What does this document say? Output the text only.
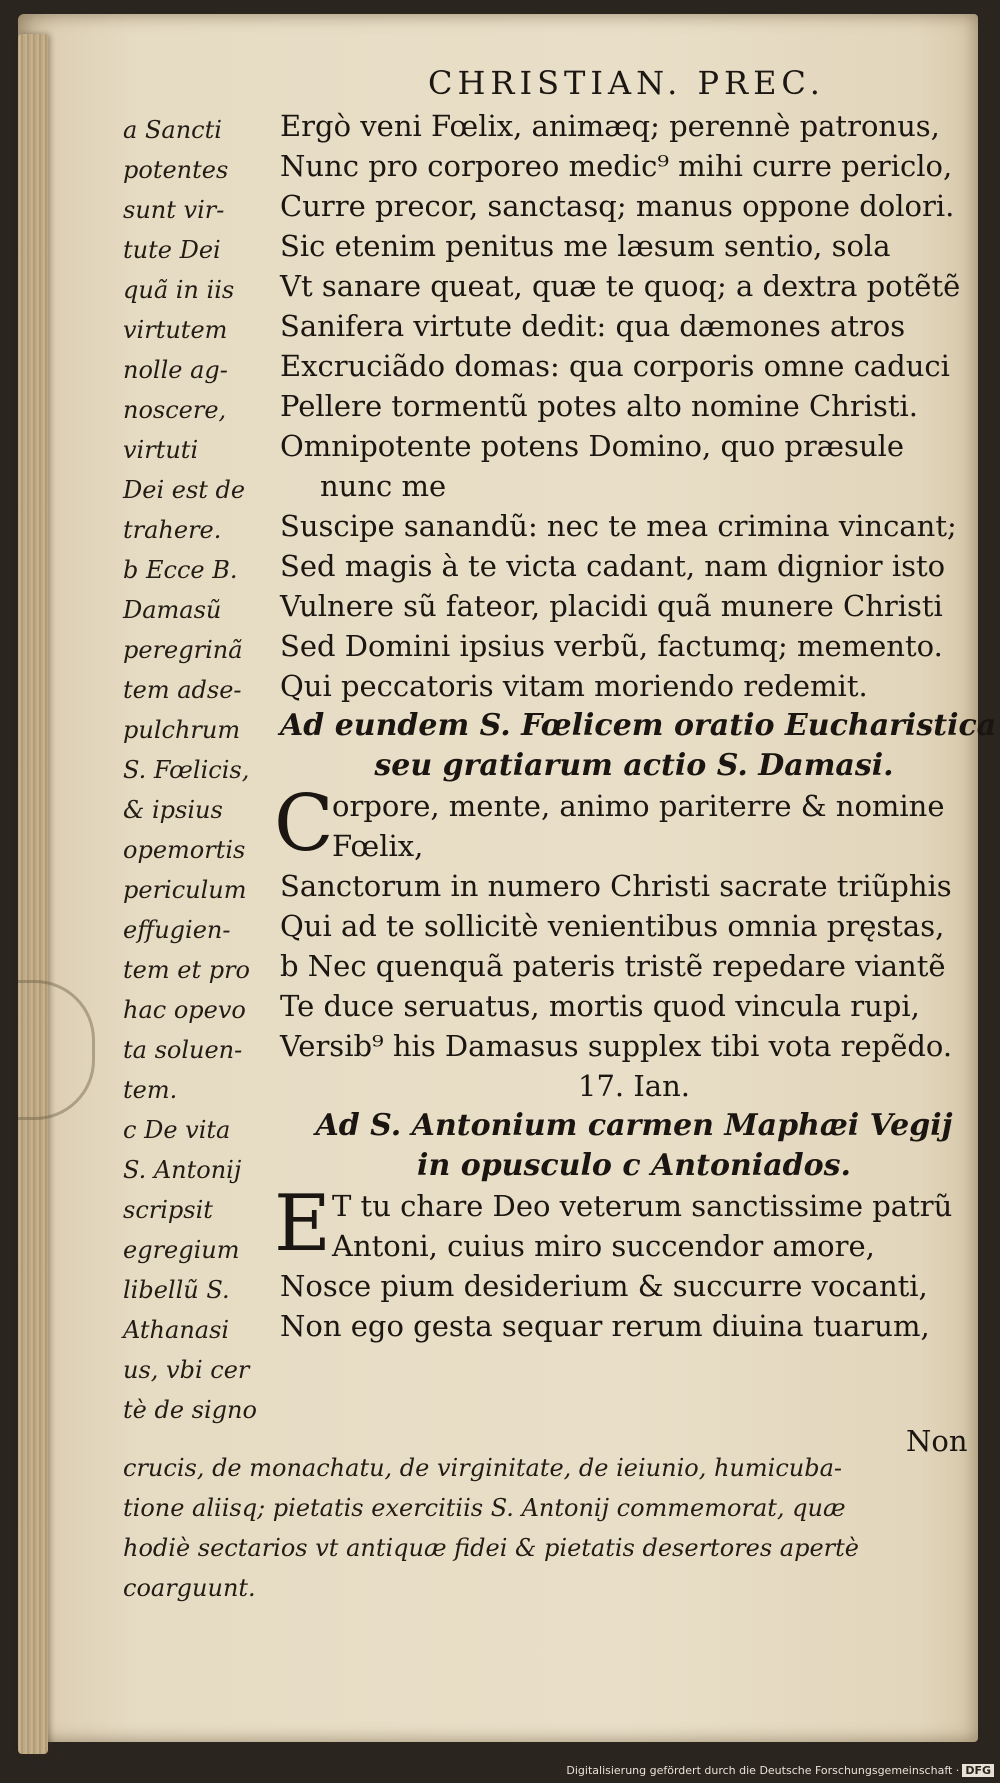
CHRISTIAN. PREC.
a Sancti
potentes
sunt vir-
tute Dei
quã in iis
virtutem
nolle ag-
noscere,
virtuti
Dei est de
trahere.
b Ecce B.
Damasũ
peregrinã
tem adse-
pulchrum
S. Fœlicis,
& ipsius
opemortis
periculum
effugien-
tem et pro
hac opevo
ta soluen-
tem.
c De vita
S. Antonij
scripsit
egregium
libellũ S.
Athanasi
us, vbi cer
tè de signo
Ergò veni Fœlix, animæq; perennè patronus,
Nunc pro corporeo medic⁹ mihi curre periclo,
Curre precor, sanctasq; manus oppone dolori.
Sic etenim penitus me læsum sentio, sola
Vt sanare queat, quæ te quoq; a dextra potẽtẽ
Sanifera virtute dedit: qua dæmones atros
Excruciãdo domas: qua corporis omne caduci
Pellere tormentũ potes alto nomine Christi.
Omnipotente potens Domino, quo præsule
nunc me
Suscipe sanandũ: nec te mea crimina vincant;
Sed magis à te victa cadant, nam dignior isto
Vulnere sũ fateor, placidi quã munere Christi
Sed Domini ipsius verbũ, factumq; memento.
Qui peccatoris vitam moriendo redemit.
Ad eundem S. Fœlicem oratio Eucharistica
seu gratiarum actio S. Damasi.
C
orpore, mente, animo pariterre & nomine
Fœlix,
Sanctorum in numero Christi sacrate triũphis
Qui ad te sollicitè venientibus omnia pręstas,
b Nec quenquã pateris tristẽ repedare viantẽ
Te duce seruatus, mortis quod vincula rupi,
Versib⁹ his Damasus supplex tibi vota repẽdo.
17. Ian.
Ad S. Antonium carmen Maphæi Vegij
in opusculo c Antoniados.
E T tu chare Deo veterum sanctissime patrũ
Antoni, cuius miro succendor amore,
Nosce pium desiderium & succurre vocanti,
Non ego gesta sequar rerum diuina tuarum,
Non
crucis, de monachatu, de virginitate, de ieiunio, humicuba-
tione aliisq; pietatis exercitiis S. Antonij commemorat, quæ
hodiè sectarios vt antiquæ fidei & pietatis desertores apertè
coarguunt.
Digitalisierung gefördert durch die Deutsche Forschungsgemeinschaft · DFG
